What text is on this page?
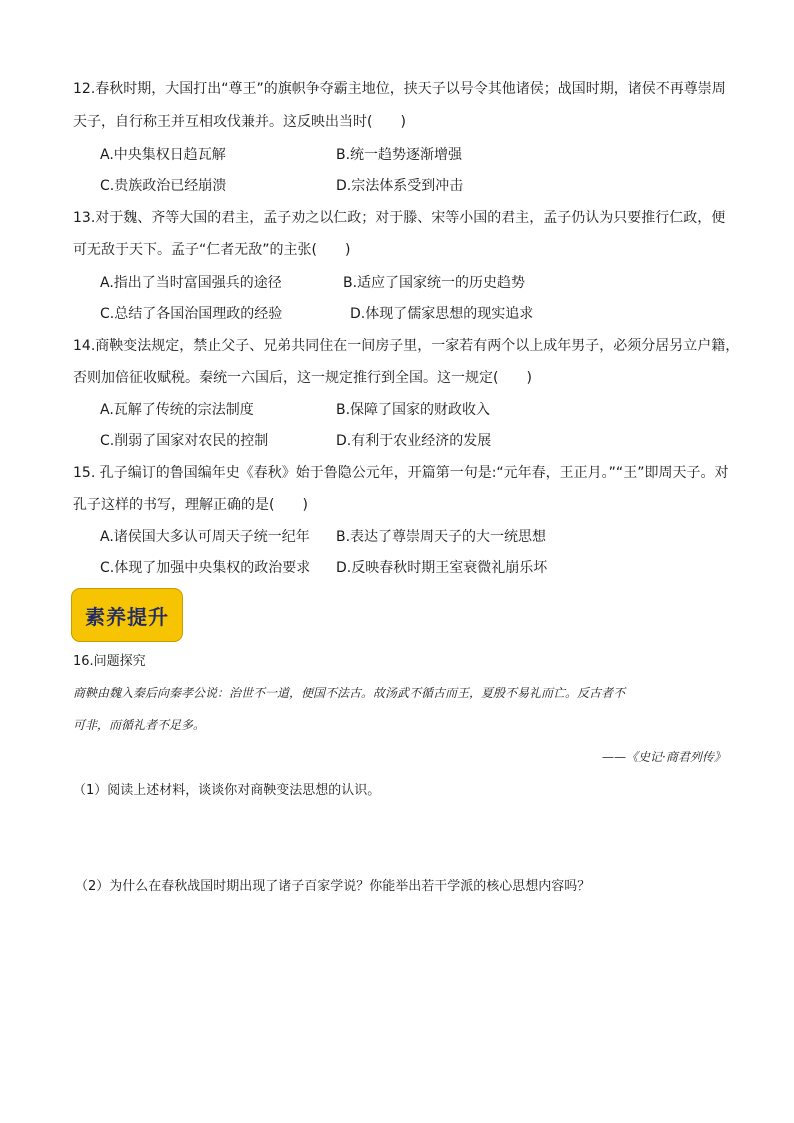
12.春秋时期，大国打出“尊王”的旗帜争夺霸主地位，挟天子以号令其他诸侯；战国时期，诸侯不再尊崇周
天子，自行称王并互相攻伐兼并。这反映出当时(　　)
A.中央集权日趋瓦解	B.统一趋势逐渐增强
C.贵族政治已经崩溃	D.宗法体系受到冲击
13.对于魏、齐等大国的君主，孟子劝之以仁政；对于滕、宋等小国的君主，孟子仍认为只要推行仁政，便
可无敌于天下。孟子“仁者无敌”的主张(　　)
A.指出了当时富国强兵的途径	B.适应了国家统一的历史趋势
C.总结了各国治国理政的经验	D.体现了儒家思想的现实追求
14.商鞅变法规定，禁止父子、兄弟共同住在一间房子里，一家若有两个以上成年男子，必须分居另立户籍，
否则加倍征收赋税。秦统一六国后，这一规定推行到全国。这一规定(　　)
A.瓦解了传统的宗法制度	B.保障了国家的财政收入
C.削弱了国家对农民的控制	D.有利于农业经济的发展
15. 孔子编订的鲁国编年史《春秋》始于鲁隐公元年，开篇第一句是:“元年春，王正月。”“王”即周天子。对
孔子这样的书写，理解正确的是(　　)
A.诸侯国大多认可周天子统一纪年 B.表达了尊崇周天子的大一统思想
C.体现了加强中央集权的政治要求 D.反映春秋时期王室衰微礼崩乐坏
素养提升
16.问题探究
商鞅由魏入秦后向秦孝公说：治世不一道，便国不法古。故汤武不循古而王，夏殷不易礼而亡。反古者不
可非，而循礼者不足多。
——《史记·商君列传》
（1）阅读上述材料，谈谈你对商鞅变法思想的认识。
（2）为什么在春秋战国时期出现了诸子百家学说？你能举出若干学派的核心思想内容吗？
